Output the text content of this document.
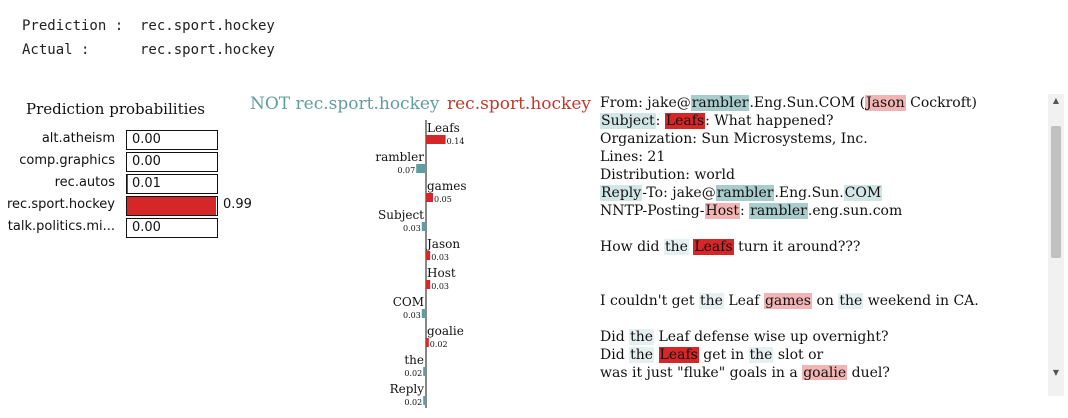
Prediction : rec.sport.hockey
Actual :	rec.sport.hockey
Prediction probabilities
alt.atheism 0.00
comp.graphics 0.00
rec.autos 0.01
rec.sport.hockey	0.99
talk.politics.mi... 0.00
NOT rec.sport.hockey rec.sport.hockey
Leafs
0.14
rambler
0.07
games
0.05
Subject
0.03
Jason
0.03
Host
0.03
COM
0.03
goalie
0.02
the
0.02
Reply
0.02
From: jake@rambler.Eng.Sun.COM (Jason Cockroft)
Subject: Leafs: What happened?
Organization: Sun Microsystems, Inc.
Lines: 21
Distribution: world
Reply-To: jake@rambler.Eng.Sun.COM
NNTP-Posting-Host: rambler.eng.sun.com
How did the Leafs turn it around???
I couldn't get the Leaf games on the weekend in CA.
Did the Leaf defense wise up overnight?
Did the Leafs get in the slot or
was it just "fluke" goals in a goalie duel?
▲
▼
